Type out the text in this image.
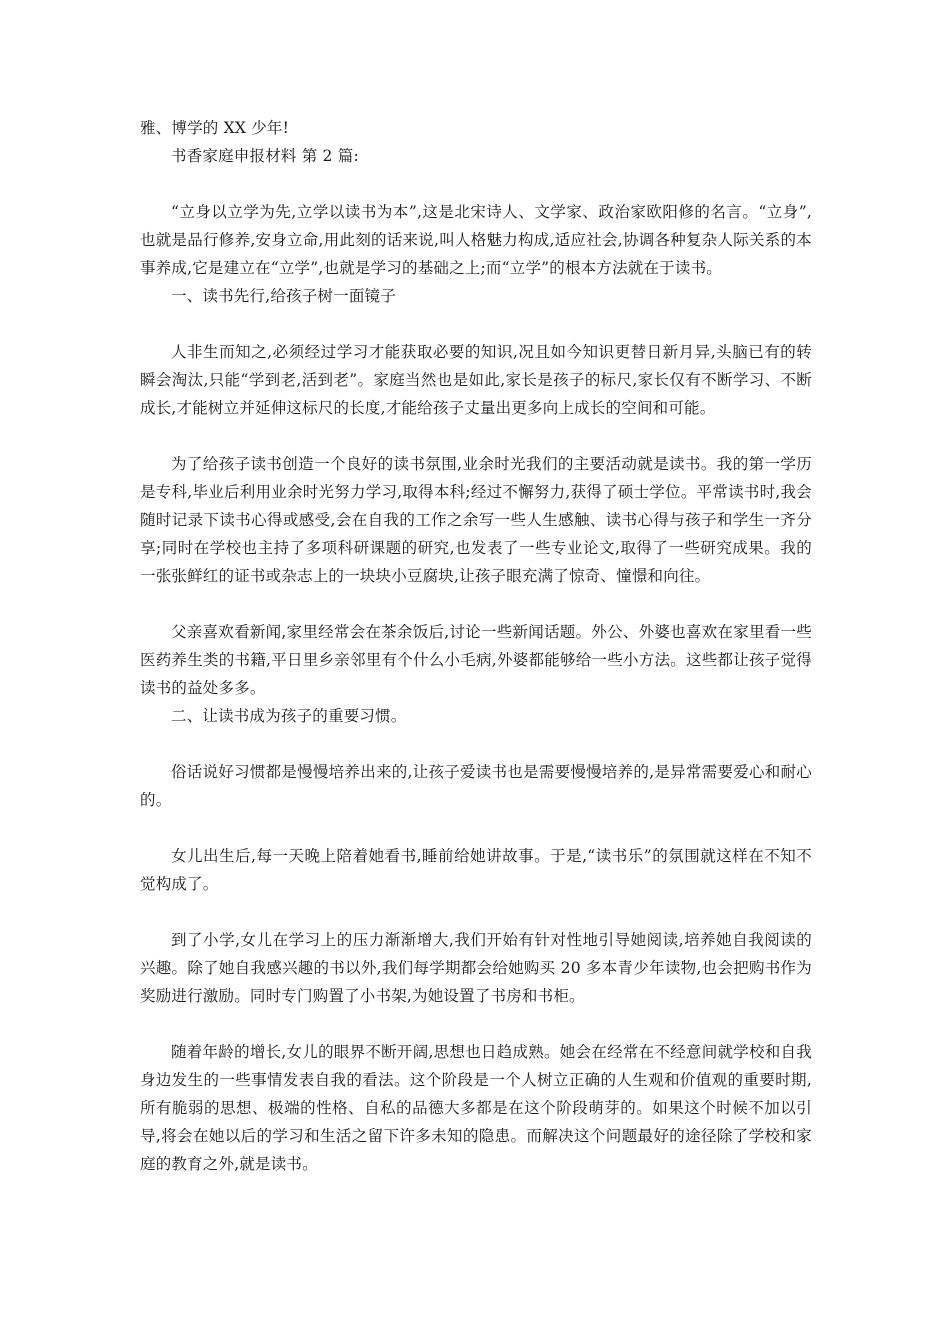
雅、博学的 XX 少年!

书香家庭申报材料 第 2 篇:

“立身以立学为先,立学以读书为本”,这是北宋诗人、文学家、政治家欧阳修的名言。“立身”,也就是品行修养,安身立命,用此刻的话来说,叫人格魅力构成,适应社会,协调各种复杂人际关系的本事养成,它是建立在“立学”,也就是学习的基础之上;而“立学”的根本方法就在于读书。

一、读书先行,给孩子树一面镜子

人非生而知之,必须经过学习才能获取必要的知识,况且如今知识更替日新月异,头脑已有的转瞬会淘汰,只能“学到老,活到老”。家庭当然也是如此,家长是孩子的标尺,家长仅有不断学习、不断成长,才能树立并延伸这标尺的长度,才能给孩子丈量出更多向上成长的空间和可能。

为了给孩子读书创造一个良好的读书氛围,业余时光我们的主要活动就是读书。我的第一学历是专科,毕业后利用业余时光努力学习,取得本科;经过不懈努力,获得了硕士学位。平常读书时,我会随时记录下读书心得或感受,会在自我的工作之余写一些人生感触、读书心得与孩子和学生一齐分享;同时在学校也主持了多项科研课题的研究,也发表了一些专业论文,取得了一些研究成果。我的一张张鲜红的证书或杂志上的一块块小豆腐块,让孩子眼充满了惊奇、憧憬和向往。

父亲喜欢看新闻,家里经常会在茶余饭后,讨论一些新闻话题。外公、外婆也喜欢在家里看一些医药养生类的书籍,平日里乡亲邻里有个什么小毛病,外婆都能够给一些小方法。这些都让孩子觉得读书的益处多多。

二、让读书成为孩子的重要习惯。

俗话说好习惯都是慢慢培养出来的,让孩子爱读书也是需要慢慢培养的,是异常需要爱心和耐心的。

女儿出生后,每一天晚上陪着她看书,睡前给她讲故事。于是,“读书乐”的氛围就这样在不知不觉构成了。

到了小学,女儿在学习上的压力渐渐增大,我们开始有针对性地引导她阅读,培养她自我阅读的兴趣。除了她自我感兴趣的书以外,我们每学期都会给她购买 20 多本青少年读物,也会把购书作为奖励进行激励。同时专门购置了小书架,为她设置了书房和书柜。

随着年龄的增长,女儿的眼界不断开阔,思想也日趋成熟。她会在经常在不经意间就学校和自我身边发生的一些事情发表自我的看法。这个阶段是一个人树立正确的人生观和价值观的重要时期,所有脆弱的思想、极端的性格、自私的品德大多都是在这个阶段萌芽的。如果这个时候不加以引导,将会在她以后的学习和生活之留下许多未知的隐患。而解决这个问题最好的途径除了学校和家庭的教育之外,就是读书。
